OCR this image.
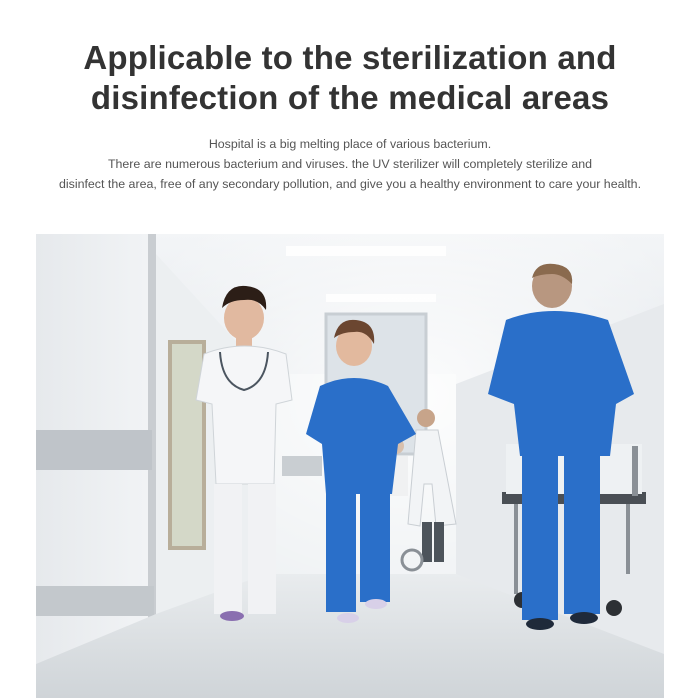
Applicable to the sterilization and
disinfection of the medical areas
Hospital is a big melting place of various bacterium.
There are numerous bacterium and viruses. the UV sterilizer will completely sterilize and
disinfect the area, free of any secondary pollution, and give you a healthy environment to care your health.
